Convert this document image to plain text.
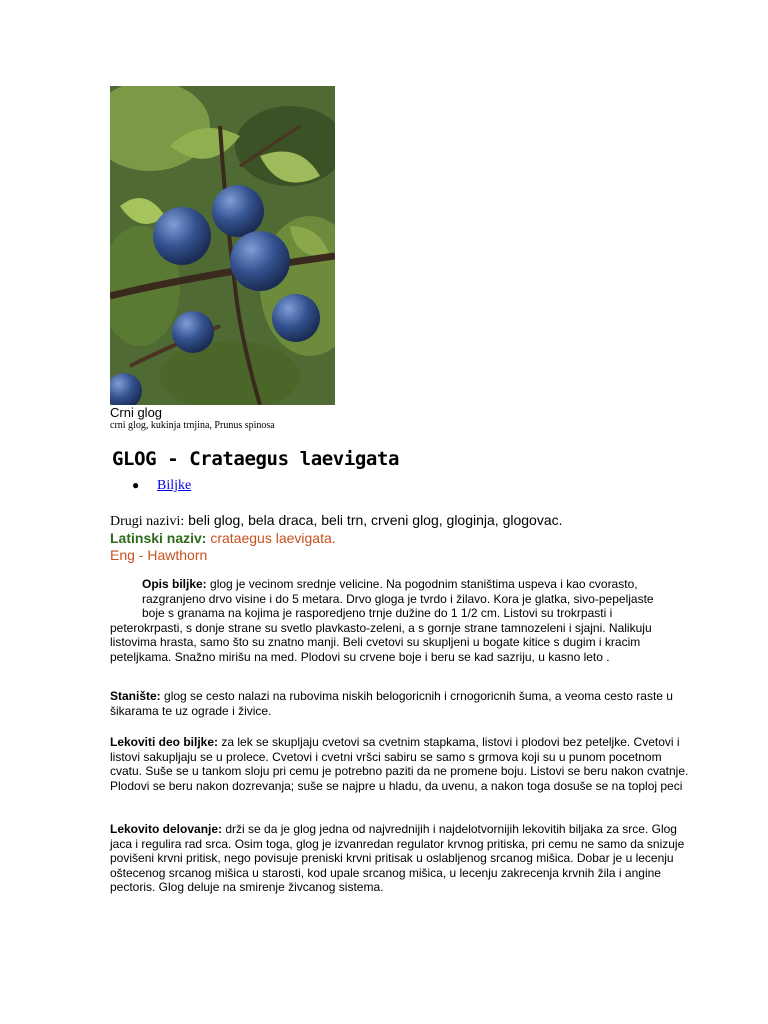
Crni glog
crni glog, kukinja trnjina, Prunus spinosa
GLOG - Crataegus laevigata
● Biljke
Drugi nazivi: beli glog, bela draca, beli trn, crveni glog, gloginja, glogovac.
Latinski naziv: crataegus laevigata.
Eng - Hawthorn
Opis biljke: glog je vecinom srednje velicine. Na pogodnim staništima uspeva i kao cvorasto,
razgranjeno drvo visine i do 5 metara. Drvo gloga je tvrdo i žilavo. Kora je glatka, sivo-pepeljaste
boje s granama na kojima je rasporedjeno trnje dužine do 1 1/2 cm. Listovi su trokrpasti i
peterokrpasti, s donje strane su svetlo plavkasto-zeleni, a s gornje strane tamnozeleni i sjajni. Nalikuju listovima hrasta, samo što su znatno manji. Beli cvetovi su skupljeni u bogate kitice s dugim i kracim peteljkama. Snažno mirišu na med. Plodovi su crvene boje i beru se kad sazriju, u kasno leto .
Stanište: glog se cesto nalazi na rubovima niskih belogoricnih i crnogoricnih šuma, a veoma cesto raste u šikarama te uz ograde i živice.
Lekoviti deo biljke: za lek se skupljaju cvetovi sa cvetnim stapkama, listovi i plodovi bez peteljke. Cvetovi i listovi sakupljaju se u prolece. Cvetovi i cvetni vršci sabiru se samo s grmova koji su u punom pocetnom cvatu. Suše se u tankom sloju pri cemu je potrebno paziti da ne promene boju. Listovi se beru nakon cvatnje. Plodovi se beru nakon dozrevanja; suše se najpre u hladu, da uvenu, a nakon toga dosuše se na toploj peci
Lekovito delovanje: drži se da je glog jedna od najvrednijih i najdelotvornijih lekovitih biljaka za srce. Glog jaca i regulira rad srca. Osim toga, glog je izvanredan regulator krvnog pritiska, pri cemu ne samo da snizuje povišeni krvni pritisk, nego povisuje preniski krvni pritisak u oslabljenog srcanog mišica. Dobar je u lecenju oštecenog srcanog mišica u starosti, kod upale srcanog mišica, u lecenju zakrecenja krvnih žila i angine pectoris. Glog deluje na smirenje živcanog sistema.
